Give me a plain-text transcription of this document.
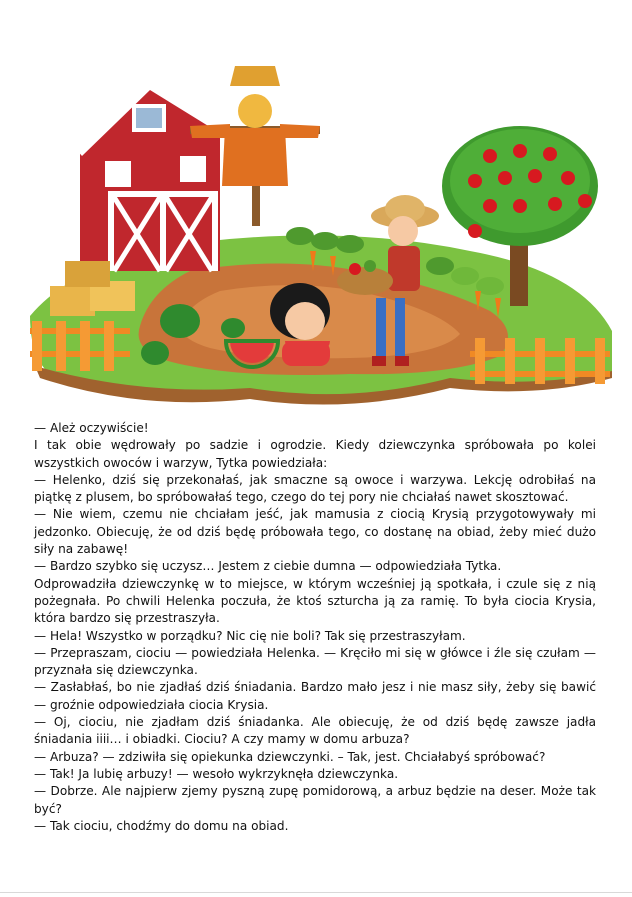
— Ależ oczywiście!

I tak obie wędrowały po sadzie i ogrodzie. Kiedy dziewczynka spróbowała po kolei wszystkich owoców i warzyw, Tytka powiedziała:

— Helenko, dziś się przekonałaś, jak smaczne są owoce i warzywa. Lekcję odrobiłaś na piątkę z plusem, bo spróbowałaś tego, czego do tej pory nie chciałaś nawet skosztować.

— Nie wiem, czemu nie chciałam jeść, jak mamusia z ciocią Krysią przygotowywały mi jedzonko. Obiecuję, że od dziś będę próbowała tego, co dostanę na obiad, żeby mieć dużo siły na zabawę!

— Bardzo szybko się uczysz… Jestem z ciebie dumna — odpowiedziała Tytka.

Odprowadziła dziewczynkę w to miejsce, w którym wcześniej ją spotkała, i czule się z nią pożegnała. Po chwili Helenka poczuła, że ktoś szturcha ją za ramię. To była ciocia Krysia, która bardzo się przestraszyła.

— Hela! Wszystko w porządku? Nic cię nie boli? Tak się przestraszyłam.

— Przepraszam, ciociu — powiedziała Helenka. — Kręciło mi się w główce i źle się czułam — przyznała się dziewczynka.

— Zasłabłaś, bo nie zjadłaś dziś śniadania. Bardzo mało jesz i nie masz siły, żeby się bawić — groźnie odpowiedziała ciocia Krysia.

— Oj, ciociu, nie zjadłam dziś śniadanka. Ale obiecuję, że od dziś będę zawsze jadła śniadania iiii… i obiadki. Ciociu? A czy mamy w domu arbuza?

— Arbuza? — zdziwiła się opiekunka dziewczynki. – Tak, jest. Chciałabyś spróbować?

— Tak! Ja lubię arbuzy! — wesoło wykrzyknęła dziewczynka.

— Dobrze. Ale najpierw zjemy pyszną zupę pomidorową, a arbuz będzie na deser. Może tak być?

— Tak ciociu, chodźmy do domu na obiad.
